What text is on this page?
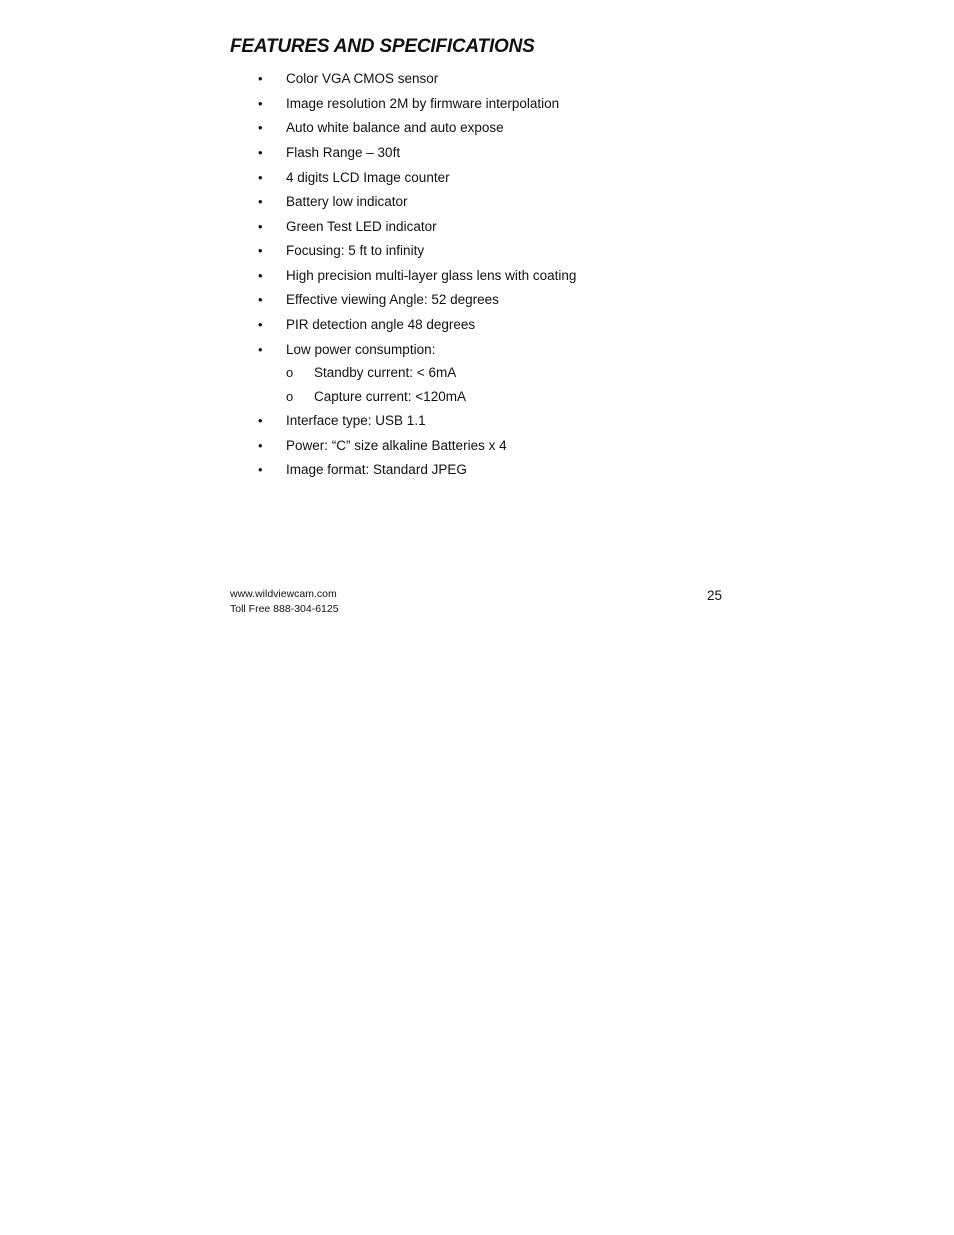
FEATURES AND SPECIFICATIONS
• Color VGA CMOS sensor
• Image resolution 2M by firmware interpolation
• Auto white balance and auto expose
• Flash Range – 30ft
• 4 digits LCD Image counter
• Battery low indicator
• Green Test LED indicator
• Focusing: 5 ft to infinity
• High precision multi-layer glass lens with coating
• Effective viewing Angle: 52 degrees
• PIR detection angle 48 degrees
• Low power consumption:
o Standby current: < 6mA
o Capture current: <120mA
• Interface type: USB 1.1
• Power: “C” size alkaline Batteries x 4
• Image format: Standard JPEG
www.wildviewcam.com
Toll Free 888-304-6125
25
